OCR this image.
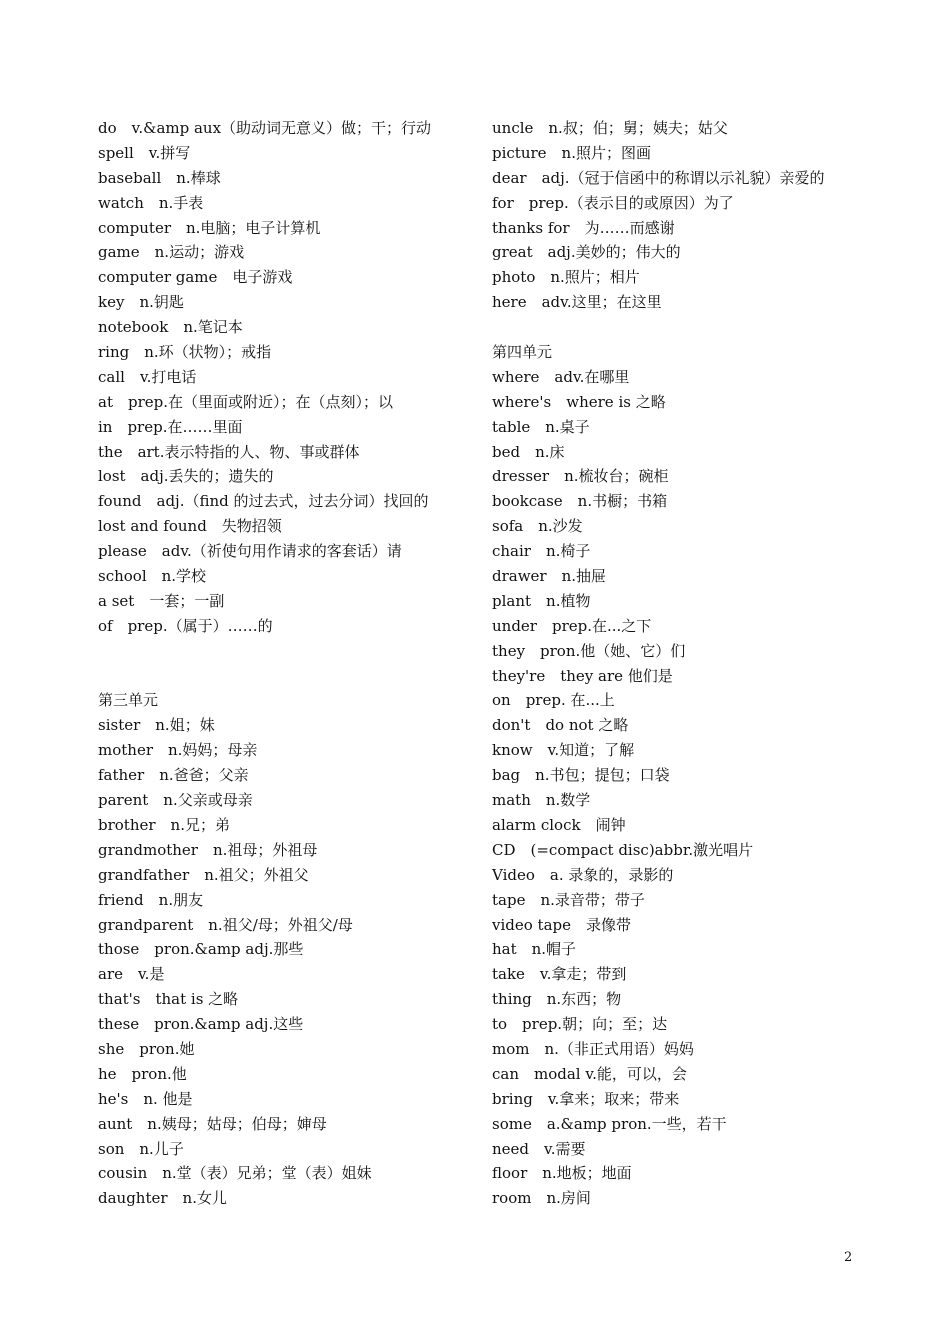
do　v.&amp aux（助动词无意义）做；干；行动
spell　v.拼写
baseball　n.棒球
watch　n.手表
computer　n.电脑；电子计算机
game　n.运动；游戏
computer game　电子游戏
key　n.钥匙
notebook　n.笔记本
ring　n.环（状物）；戒指
call　v.打电话
at　prep.在（里面或附近）；在（点刻）；以
in　prep.在……里面
the　art.表示特指的人、物、事或群体
lost　adj.丢失的；遗失的
found　adj.（find 的过去式，过去分词）找回的
lost and found　失物招领
please　adv.（祈使句用作请求的客套话）请
school　n.学校
a set　一套；一副
of　prep.（属于）……的
第三单元
sister　n.姐；妹
mother　n.妈妈；母亲
father　n.爸爸；父亲
parent　n.父亲或母亲
brother　n.兄；弟
grandmother　n.祖母；外祖母
grandfather　n.祖父；外祖父
friend　n.朋友
grandparent　n.祖父/母；外祖父/母
those　pron.&amp adj.那些
are　v.是
that's　that is 之略
these　pron.&amp adj.这些
she　pron.她
he　pron.他
he's　n. 他是
aunt　n.姨母；姑母；伯母；婶母
son　n.儿子
cousin　n.堂（表）兄弟；堂（表）姐妹
daughter　n.女儿
uncle　n.叔；伯；舅；姨夫；姑父
picture　n.照片；图画
dear　adj.（冠于信函中的称谓以示礼貌）亲爱的
for　prep.（表示目的或原因）为了
thanks for　为……而感谢
great　adj.美妙的；伟大的
photo　n.照片；相片
here　adv.这里；在这里
第四单元
where　adv.在哪里
where's　where is 之略
table　n.桌子
bed　n.床
dresser　n.梳妆台；碗柜
bookcase　n.书橱；书箱
sofa　n.沙发
chair　n.椅子
drawer　n.抽屉
plant　n.植物
under　prep.在...之下
they　pron.他（她、它）们
they're　they are 他们是
on　prep. 在...上
don't　do not 之略
know　v.知道；了解
bag　n.书包；提包；口袋
math　n.数学
alarm clock　闹钟
CD　(=compact disc)abbr.激光唱片
Video　a. 录象的，录影的
tape　n.录音带；带子
video tape　录像带
hat　n.帽子
take　v.拿走；带到
thing　n.东西；物
to　prep.朝；向；至；达
mom　n.（非正式用语）妈妈
can　modal v.能，可以，会
bring　v.拿来；取来；带来
some　a.&amp pron.一些，若干
need　v.需要
floor　n.地板；地面
room　n.房间
2
